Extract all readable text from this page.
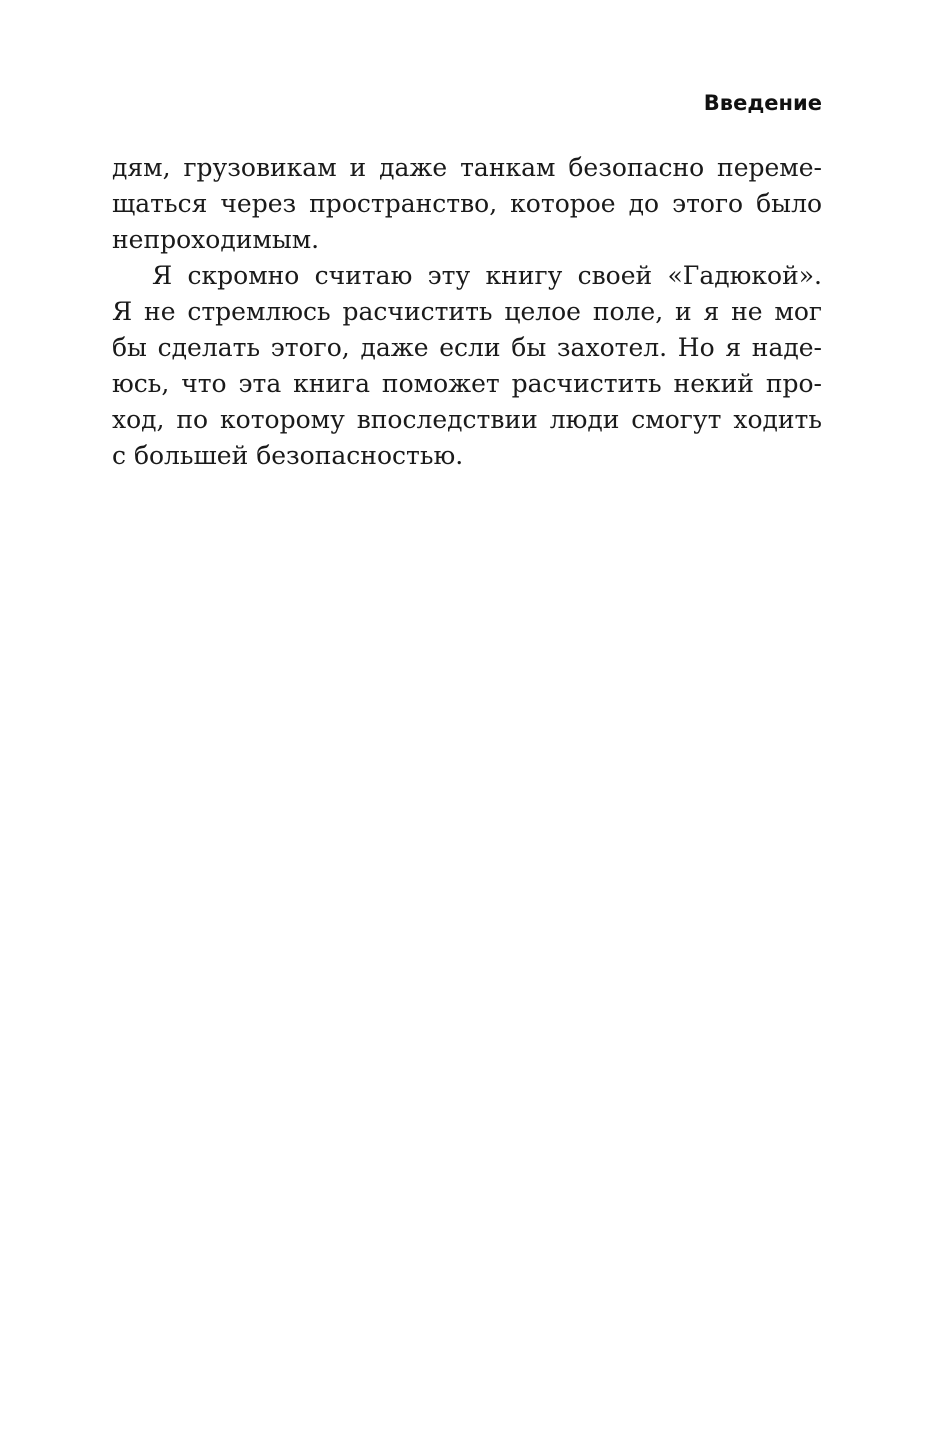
Введение

дям, грузовикам и даже танкам безопасно переме-
щаться через пространство, которое до этого было
непроходимым.

Я скромно считаю эту книгу своей «Гадюкой».
Я не стремлюсь расчистить целое поле, и я не мог
бы сделать этого, даже если бы захотел. Но я наде-
юсь, что эта книга поможет расчистить некий про-
ход, по которому впоследствии люди смогут ходить
с большей безопасностью.
